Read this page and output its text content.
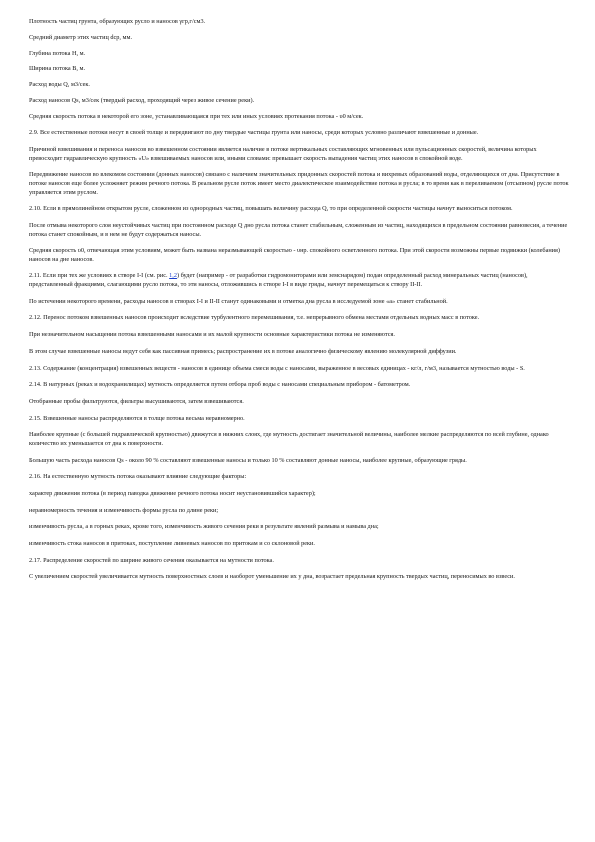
Плотность частиц грунта, образующих русло и наносов γгр,г/см3.

Средний диаметр этих частиц dср, мм.

Глубина потока H, м.

Ширина потока B, м.

Расход воды Q, м3/сек.

Расход наносов Qs, м3/сек (твердый расход, проходящий через живое сечение реки).

Средняя скорость потока в некоторой его зоне, устанавливающаяся при тех или иных условиях протекания потока - υ0 м/сек.

2.9. Все естественные потоки несут в своей толще и передвигают по дну твердые частицы грунта или наносы, среди которых условно различают взвешенные и донные.

Причиной взвешивания и переноса наносов во взвешенном состоянии является наличие в потоке вертикальных составляющих мгновенных или пульсационных скоростей, величина которых превосходит гидравлическую крупность «U» взвешиваемых наносов или, иными словами: превышает скорость выпадения частиц этих наносов в спокойной воде.

Передвижение наносов во влекомом состоянии (донных наносов) связано с наличием значительных придонных скоростей потока и вихревых образований воды, отделяющихся от дна. Присутствие в потоке наносов еще более усложняет режим речного потока. В реальном русле поток имеет место диалектическое взаимодействие потока и русла; в то время как в переливаемом (отсыпном) русле поток управляется этим руслом.

2.10. Если в прямолинейном открытом русле, сложенном из однородных частиц, повышать величину расхода Q, то при определенной скорости частицы начнут выноситься потоком.

После отмыва некоторого слоя неустойчивых частиц при постоянном расходе Q дно русла потока станет стабильным, сложенным из частиц, находящихся в предельном состоянии равновесия, а течение потока станет спокойным, и в нем не будут содержаться наносы.

Средняя скорость υ0, отвечающая этим условиям, может быть названа неразмывающей скоростью - υнр. спокойного осветленного потока. При этой скорости возможны первые подвижки (колебания) наносов на дне наносов.

2.11. Если при тех же условиях в створе I-I (см. рис. 1,2) будет (например - от разработки гидромониторами или земснарядом) подан определенный расход минеральных частиц (наносов), представленный фракциями, слагающими русло потока, то эти наносы, отложившись в створе I-I в виде гряды, начнут перемещаться к створу II-II.

По истечении некоторого времени, расходы наносов в створах I-I и II-II станут одинаковыми и отметка дна русла в исследуемой зоне «а» станет стабильной.

2.12. Перенос потоком взвешенных наносов происходит вследствие турбулентного перемешивания, т.е. непрерывного обмена местами отдельных водных масс в потоке.

При незначительном насыщении потока взвешенными наносами и их малой крупности основные характеристики потока не изменяются.

В этом случае взвешенные наносы ведут себя как пассивная примесь; распространение их в потоке аналогично физическому явлению молекулярной диффузии.

2.13. Содержание (концентрация) взвешенных веществ - наносов в единице объема смеси воды с наносами, выраженное в весовых единицах - кг/л, г/м3, называется мутностью воды - S.

2.14. В натурных (реках и водохранилищах) мутность определяется путем отбора проб воды с наносами специальным прибором - батометром.

Отобранные пробы фильтруются, фильтры высушиваются, затем взвешиваются.

2.15. Взвешенные наносы распределяются в толще потока весьма неравномерно.

Наиболее крупные (с большей гидравлической крупностью) движутся в нижних слоях, где мутность достигает значительной величины, наиболее мелкие распределяются по всей глубине, однако количество их уменьшается от дна к поверхности.

Большую часть расхода наносов Qs - около 90 % составляют взвешенные наносы и только 10 % составляют донные наносы, наиболее крупные, образующие гряды.

2.16. На естественную мутность потока оказывают влияние следующие факторы:

характер движения потока (в период паводка движение речного потока носит неустановившийся характер);

неравномерность течения и изменчивость формы русла по длине реки;

изменчивость русла, а в горных реках, кроме того, изменчивость живого сечения реки в результате явлений размыва и намыва дна;

изменчивость стока наносов в притоках, поступление ливневых наносов по притокам и со склоновой реки.

2.17. Распределение скоростей по ширине живого сечения оказывается на мутности потока.

С увеличением скоростей увеличивается мутность поверхностных слоев и наоборот уменьшение их у дна, возрастает предельная крупность твердых частиц, переносимых во взвеси.
